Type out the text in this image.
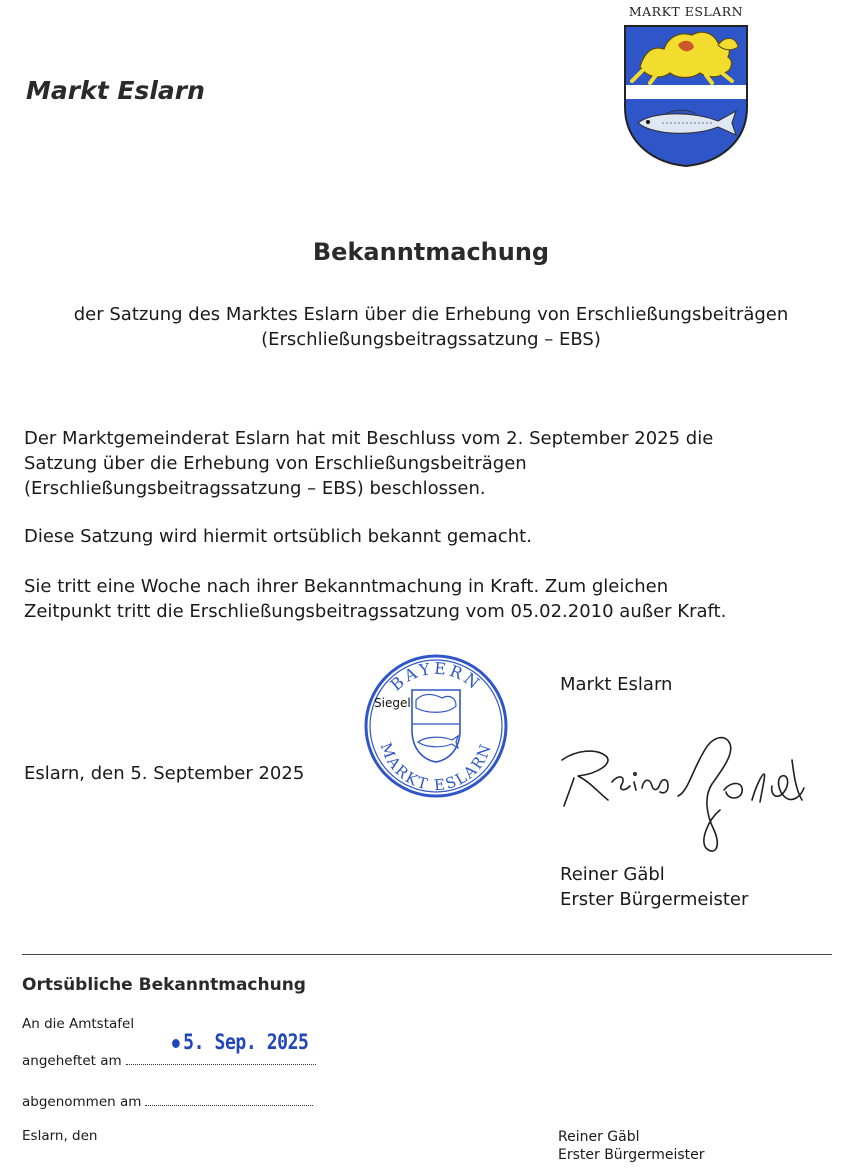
Markt Eslarn
MARKT ESLARN
Bekanntmachung
der Satzung des Marktes Eslarn über die Erhebung von Erschließungsbeiträgen
(Erschließungsbeitragssatzung – EBS)
Der Marktgemeinderat Eslarn hat mit Beschluss vom 2. September 2025 die
Satzung über die Erhebung von Erschließungsbeiträgen
(Erschließungsbeitragssatzung – EBS) beschlossen.
Diese Satzung wird hiermit ortsüblich bekannt gemacht.
Sie tritt eine Woche nach ihrer Bekanntmachung in Kraft. Zum gleichen
Zeitpunkt tritt die Erschließungsbeitragssatzung vom 05.02.2010 außer Kraft.
Markt Eslarn
BAYERN
MARKT ESLARN
Siegel
Eslarn, den 5. September 2025
Reiner Gäbl
Erster Bürgermeister
Ortsübliche Bekanntmachung
An die Amtstafel
angeheftet am
5. Sep. 2025
abgenommen am
Eslarn, den	Reiner Gäbl
Erster Bürgermeister
